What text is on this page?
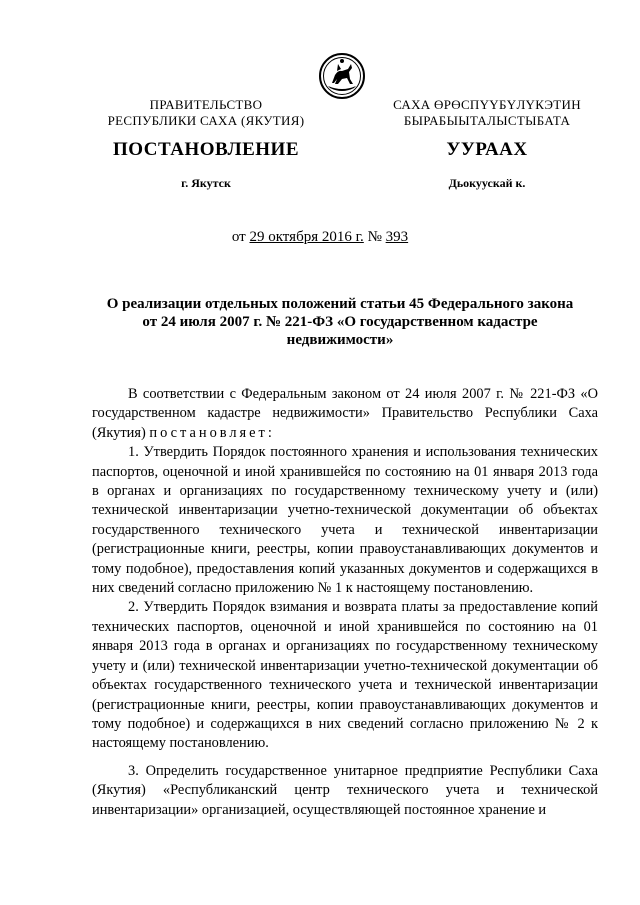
ПРАВИТЕЛЬСТВО
РЕСПУБЛИКИ САХА (ЯКУТИЯ)
САХА ӨРӨСПҮҮБҮЛҮКЭТИН
БЫРАБЫЫТАЛЫСТЫБАТА
ПОСТАНОВЛЕНИЕ	УУРААХ
г. Якутск	Дьокуускай к.
от 29 октября 2016 г. № 393
О реализации отдельных положений статьи 45 Федерального закона
от 24 июля 2007 г. № 221-ФЗ «О государственном кадастре
недвижимости»

В соответствии с Федеральным законом от 24 июля 2007 г. № 221-ФЗ «О государственном кадастре недвижимости» Правительство Республики Саха (Якутия) постановляет:

1. Утвердить Порядок постоянного хранения и использования технических паспортов, оценочной и иной хранившейся по состоянию на 01 января 2013 года в органах и организациях по государственному техническому учету и (или) технической инвентаризации учетно-технической документации об объектах государственного технического учета и технической инвентаризации (регистрационные книги, реестры, копии правоустанавливающих документов и тому подобное), предоставления копий указанных документов и содержащихся в них сведений согласно приложению № 1 к настоящему постановлению.

2. Утвердить Порядок взимания и возврата платы за предоставление копий технических паспортов, оценочной и иной хранившейся по состоянию на 01 января 2013 года в органах и организациях по государственному техническому учету и (или) технической инвентаризации учетно-технической документации об объектах государственного технического учета и технической инвентаризации (регистрационные книги, реестры, копии правоустанавливающих документов и тому подобное) и содержащихся в них сведений согласно приложению № 2 к настоящему постановлению.

3. Определить государственное унитарное предприятие Республики Саха (Якутия) «Республиканский центр технического учета и технической инвентаризации» организацией, осуществляющей постоянное хранение и
